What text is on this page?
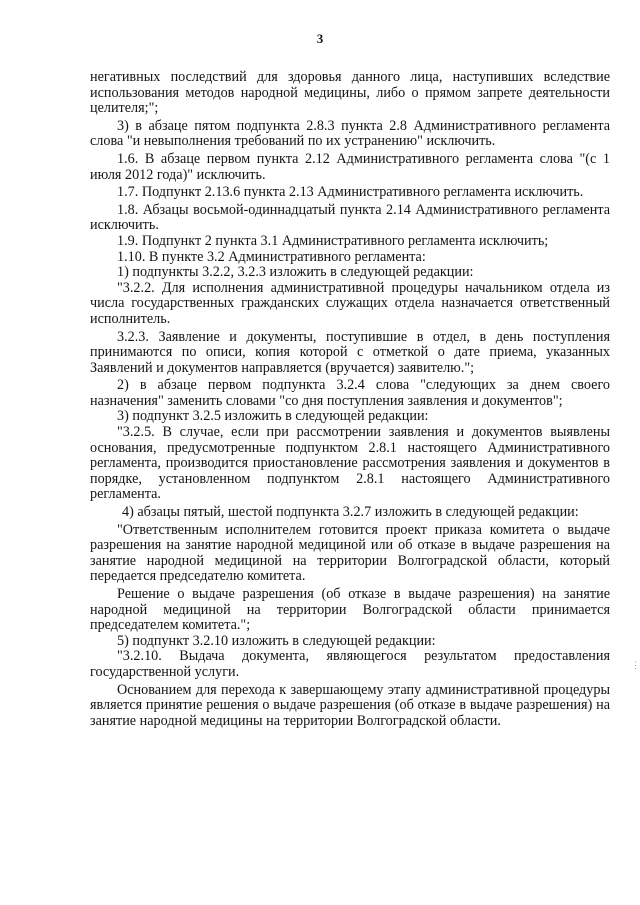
3

негативных последствий для здоровья данного лица, наступивших вследствие использования методов народной медицины, либо о прямом запрете деятельности целителя;";

3) в абзаце пятом подпункта 2.8.3 пункта 2.8 Административного регламента слова "и невыполнения требований по их устранению" исключить.

1.6. В абзаце первом пункта 2.12 Административного регламента слова "(с 1 июля 2012 года)" исключить.

1.7. Подпункт 2.13.6 пункта 2.13 Административного регламента исключить.

1.8. Абзацы восьмой-одиннадцатый пункта 2.14 Административного регламента исключить.

1.9. Подпункт 2 пункта 3.1 Административного регламента исключить;

1.10. В пункте 3.2 Административного регламента:

1) подпункты 3.2.2, 3.2.3 изложить в следующей редакции:

"3.2.2. Для исполнения административной процедуры начальником отдела из числа государственных гражданских служащих отдела назначается ответственный исполнитель.

3.2.3. Заявление и документы, поступившие в отдел, в день поступления принимаются по описи, копия которой с отметкой о дате приема, указанных Заявлений и документов направляется (вручается) заявителю.";

2) в абзаце первом подпункта 3.2.4 слова "следующих за днем своего назначения" заменить словами "со дня поступления заявления и документов";

3) подпункт 3.2.5 изложить в следующей редакции:

"3.2.5. В случае, если при рассмотрении заявления и документов выявлены основания, предусмотренные подпунктом 2.8.1 настоящего Административного регламента, производится приостановление рассмотрения заявления и документов в порядке, установленном подпунктом 2.8.1 настоящего Административного регламента.

4) абзацы пятый, шестой подпункта 3.2.7 изложить в следующей редакции:

"Ответственным исполнителем готовится проект приказа комитета о выдаче разрешения на занятие народной медициной или об отказе в выдаче разрешения на занятие народной медициной на территории Волгоградской области, который передается председателю комитета.

Решение о выдаче разрешения (об отказе в выдаче разрешения) на занятие народной медициной на территории Волгоградской области принимается председателем комитета.";

5) подпункт 3.2.10 изложить в следующей редакции:

"3.2.10. Выдача документа, являющегося результатом предоставления государственной услуги.

Основанием для перехода к завершающему этапу административной процедуры является принятие решения о выдаче разрешения (об отказе в выдаче разрешения) на занятие народной медицины на территории Волгоградской области.

⋮
